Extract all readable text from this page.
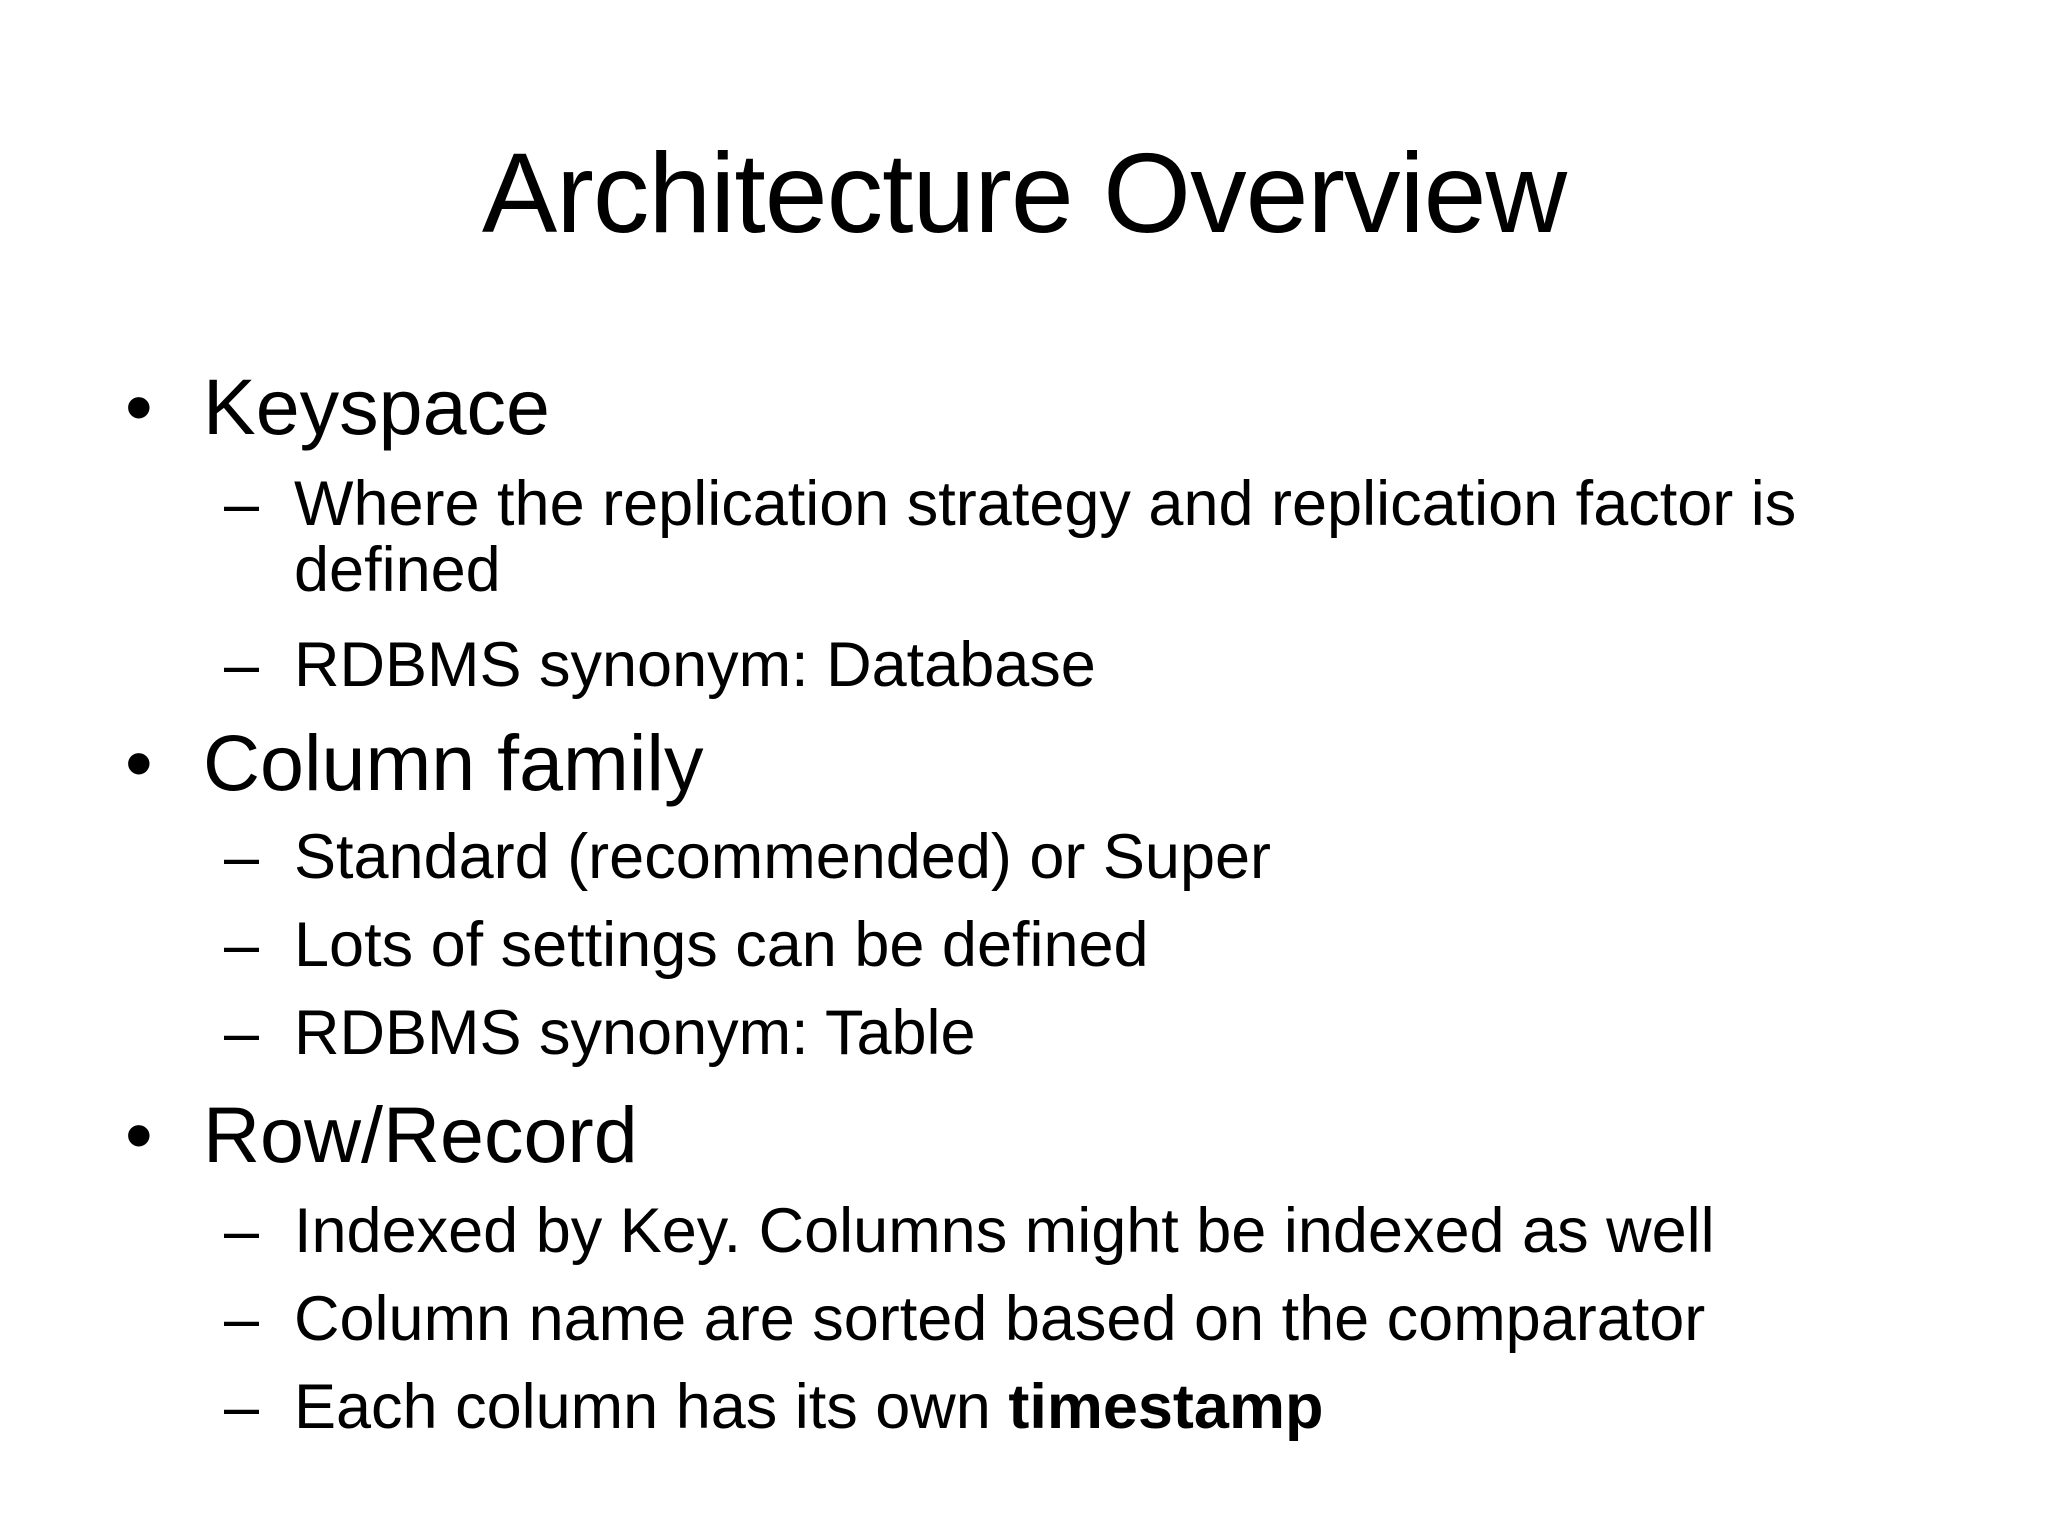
Architecture Overview
• Keyspace
– Where the replication strategy and replication factor is defined
– RDBMS synonym: Database
• Column family
– Standard (recommended) or Super
– Lots of settings can be defined
– RDBMS synonym: Table
• Row/Record
– Indexed by Key. Columns might be indexed as well
– Column name are sorted based on the comparator
– Each column has its own timestamp
